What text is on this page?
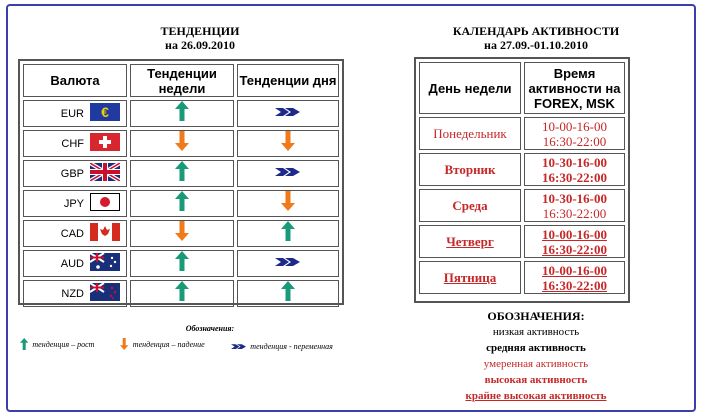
ТЕНДЕНЦИИ
на 26.09.2010
Валюта	Тенденции недели	Тенденции дня

EUR €

CHF

GBP

JPY

CAD

AUD

NZD

Обозначения:
тенденция – рост	тенденция – падение	тенденция - переменная
КАЛЕНДАРЬ АКТИВНОСТИ
на 27.09.-01.10.2010
День недели	Время активности на FOREX, MSK
Понедельник	10-00-16-00
16:30-22:00

Вторник	10-30-16-00
16:30-22:00

Среда	10-30-16-00
16:30-22:00

Четверг	10-00-16-00
16:30-22:00

Пятница	10-00-16-00
16:30-22:00
ОБОЗНАЧЕНИЯ:
низкая активность
средняя активность
умеренная активность
высокая активность
крайне высокая активность
